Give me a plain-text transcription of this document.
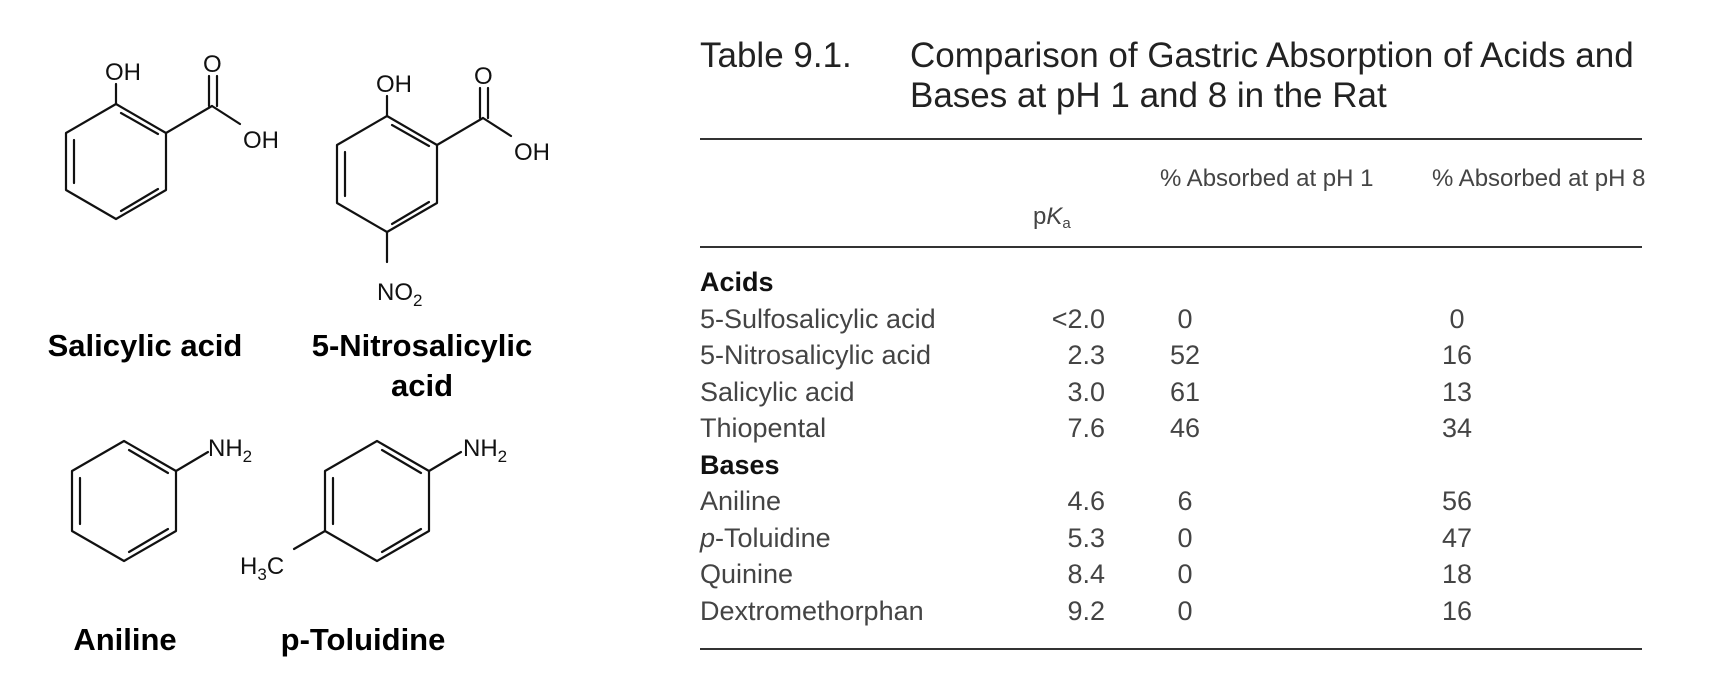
OH	O
OH
OH	O
OH
$NO_2$
$NH_2$	$NH_2$
$H_3C$
Salicylic acid	5-Nitrosalicylic acid
Aniline	p-Toluidine
Table 9.1.	Comparison of Gastric Absorption of Acids and Bases at pH 1 and 8 in the Rat
pKa
% Absorbed at pH 1	% Absorbed at pH 8
Acids
5-Sulfosalicylic acid	<2.0	0	0
5-Nitrosalicylic acid	2.3	52	16
Salicylic acid	3.0	61	13
Thiopental	7.6	46	34
Bases
Aniline	4.6	6	56
p-Toluidine	5.3	0	47
Quinine	8.4	0	18
Dextromethorphan	9.2	0	16
